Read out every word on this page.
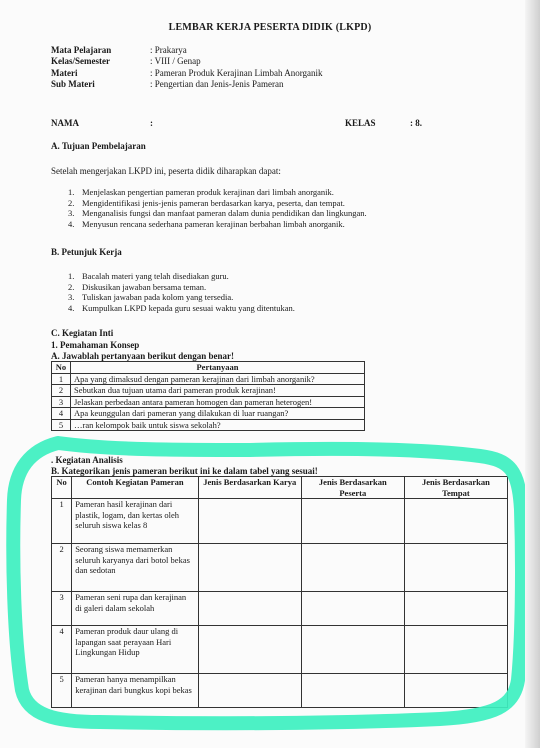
LEMBAR KERJA PESERTA DIDIK (LKPD)
Mata Pelajaran	: Prakarya
Kelas/Semester	: VIII / Genap
Materi	: Pameran Produk Kerajinan Limbah Anorganik
Sub Materi	: Pengertian dan Jenis-Jenis Pameran
NAMA	:	KELAS	: 8.
A. Tujuan Pembelajaran
Setelah mengerjakan LKPD ini, peserta didik diharapkan dapat:
1. Menjelaskan pengertian pameran produk kerajinan dari limbah anorganik.
2. Mengidentifikasi jenis-jenis pameran berdasarkan karya, peserta, dan tempat.
3. Menganalisis fungsi dan manfaat pameran dalam dunia pendidikan dan lingkungan.
4. Menyusun rencana sederhana pameran kerajinan berbahan limbah anorganik.
B. Petunjuk Kerja
1. Bacalah materi yang telah disediakan guru.
2. Diskusikan jawaban bersama teman.
3. Tuliskan jawaban pada kolom yang tersedia.
4. Kumpulkan LKPD kepada guru sesuai waktu yang ditentukan.
C. Kegiatan Inti
1. Pemahaman Konsep
A. Jawablah pertanyaan berikut dengan benar!
No	Pertanyaan
1	Apa yang dimaksud dengan pameran kerajinan dari limbah anorganik?
2	Sebutkan dua tujuan utama dari pameran produk kerajinan!
3	Jelaskan perbedaan antara pameran homogen dan pameran heterogen!
4	Apa keunggulan dari pameran yang dilakukan di luar ruangan?
5	…ran kelompok baik untuk siswa sekolah?
. Kegiatan Analisis
B. Kategorikan jenis pameran berikut ini ke dalam tabel yang sesuai!
No	Contoh Kegiatan Pameran	Jenis Berdasarkan Karya	Jenis Berdasarkan Peserta	Jenis Berdasarkan Tempat
1	Pameran hasil kerajinan dari plastik, logam, dan kertas oleh seluruh siswa kelas 8			
2	Seorang siswa memamerkan seluruh karyanya dari botol bekas dan sedotan			
3	Pameran seni rupa dan kerajinan di galeri dalam sekolah			
4	Pameran produk daur ulang di lapangan saat perayaan Hari Lingkungan Hidup			
5	Pameran hanya menampilkan kerajinan dari bungkus kopi bekas			
